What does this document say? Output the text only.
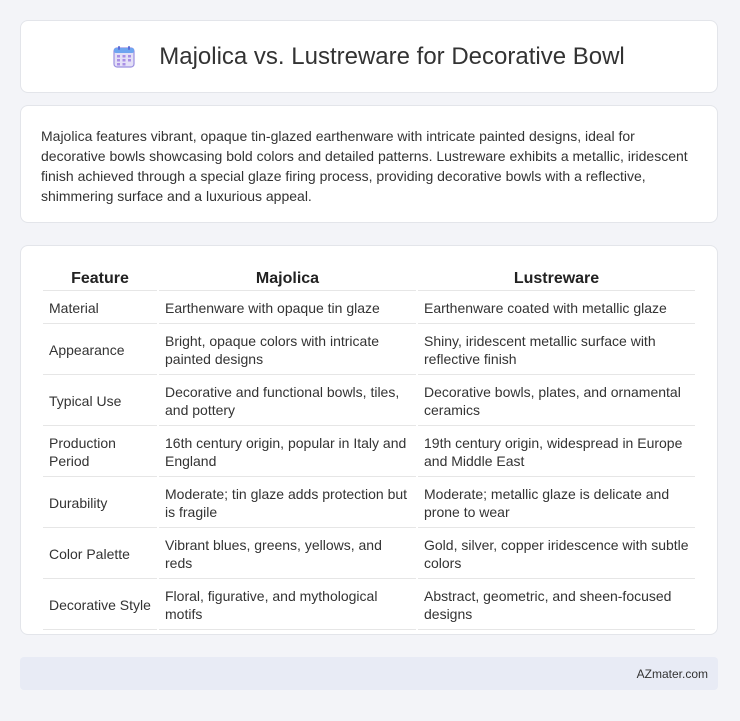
Majolica vs. Lustreware for Decorative Bowl

Majolica features vibrant, opaque tin-glazed earthenware with intricate painted designs, ideal for decorative bowls showcasing bold colors and detailed patterns. Lustreware exhibits a metallic, iridescent finish achieved through a special glaze firing process, providing decorative bowls with a reflective, shimmering surface and a luxurious appeal.

Feature	Majolica	Lustreware
Material	Earthenware with opaque tin glaze	Earthenware coated with metallic glaze
Appearance	Bright, opaque colors with intricate painted designs	Shiny, iridescent metallic surface with reflective finish
Typical Use	Decorative and functional bowls, tiles, and pottery	Decorative bowls, plates, and ornamental ceramics
Production Period	16th century origin, popular in Italy and England	19th century origin, widespread in Europe and Middle East
Durability	Moderate; tin glaze adds protection but is fragile	Moderate; metallic glaze is delicate and prone to wear
Color Palette	Vibrant blues, greens, yellows, and reds	Gold, silver, copper iridescence with subtle colors
Decorative Style	Floral, figurative, and mythological motifs	Abstract, geometric, and sheen-focused designs
AZmater.com
